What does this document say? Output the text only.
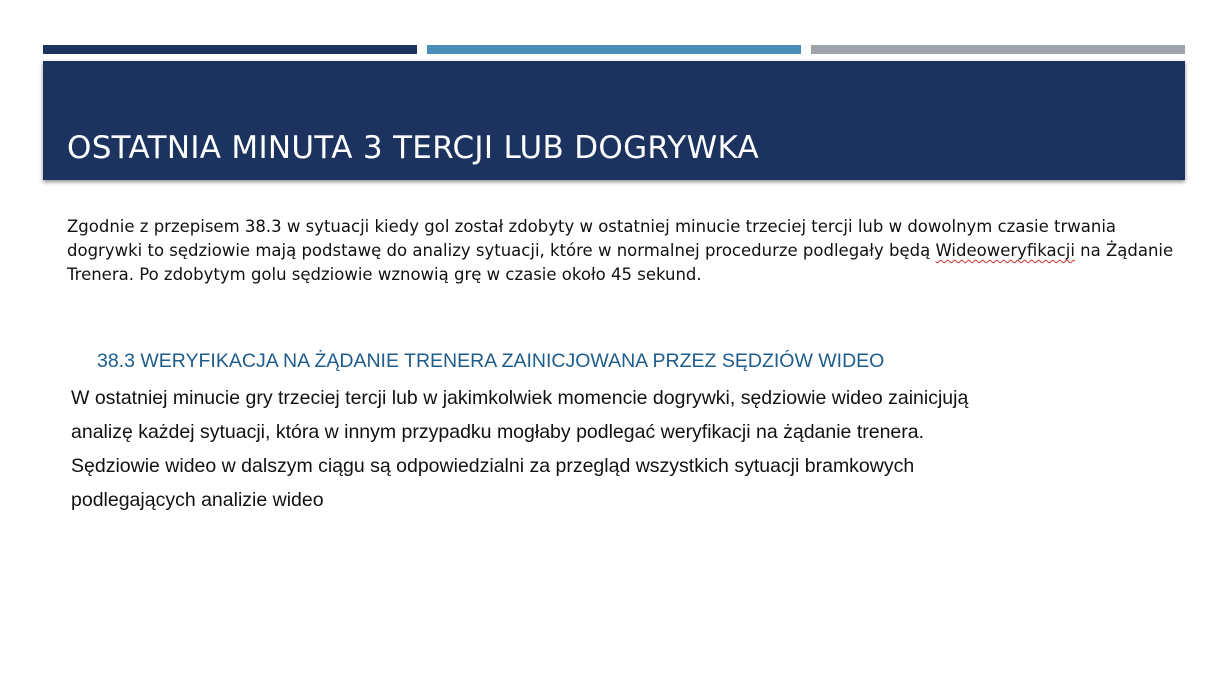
OSTATNIA MINUTA 3 TERCJI LUB DOGRYWKA

Zgodnie z przepisem 38.3 w sytuacji kiedy gol został zdobyty w ostatniej minucie trzeciej tercji lub w dowolnym czasie trwania dogrywki to sędziowie mają podstawę do analizy sytuacji, które w normalnej procedurze podlegały będą Wideoweryfikacji na Żądanie Trenera. Po zdobytym golu sędziowie wznowią grę w czasie około 45 sekund.

38.3 WERYFIKACJA NA ŻĄDANIE TRENERA ZAINICJOWANA PRZEZ SĘDZIÓW WIDEO

W ostatniej minucie gry trzeciej tercji lub w jakimkolwiek momencie dogrywki, sędziowie wideo zainicjują analizę każdej sytuacji, która w innym przypadku mogłaby podlegać weryfikacji na żądanie trenera.

Sędziowie wideo w dalszym ciągu są odpowiedzialni za przegląd wszystkich sytuacji bramkowych podlegających analizie wideo
